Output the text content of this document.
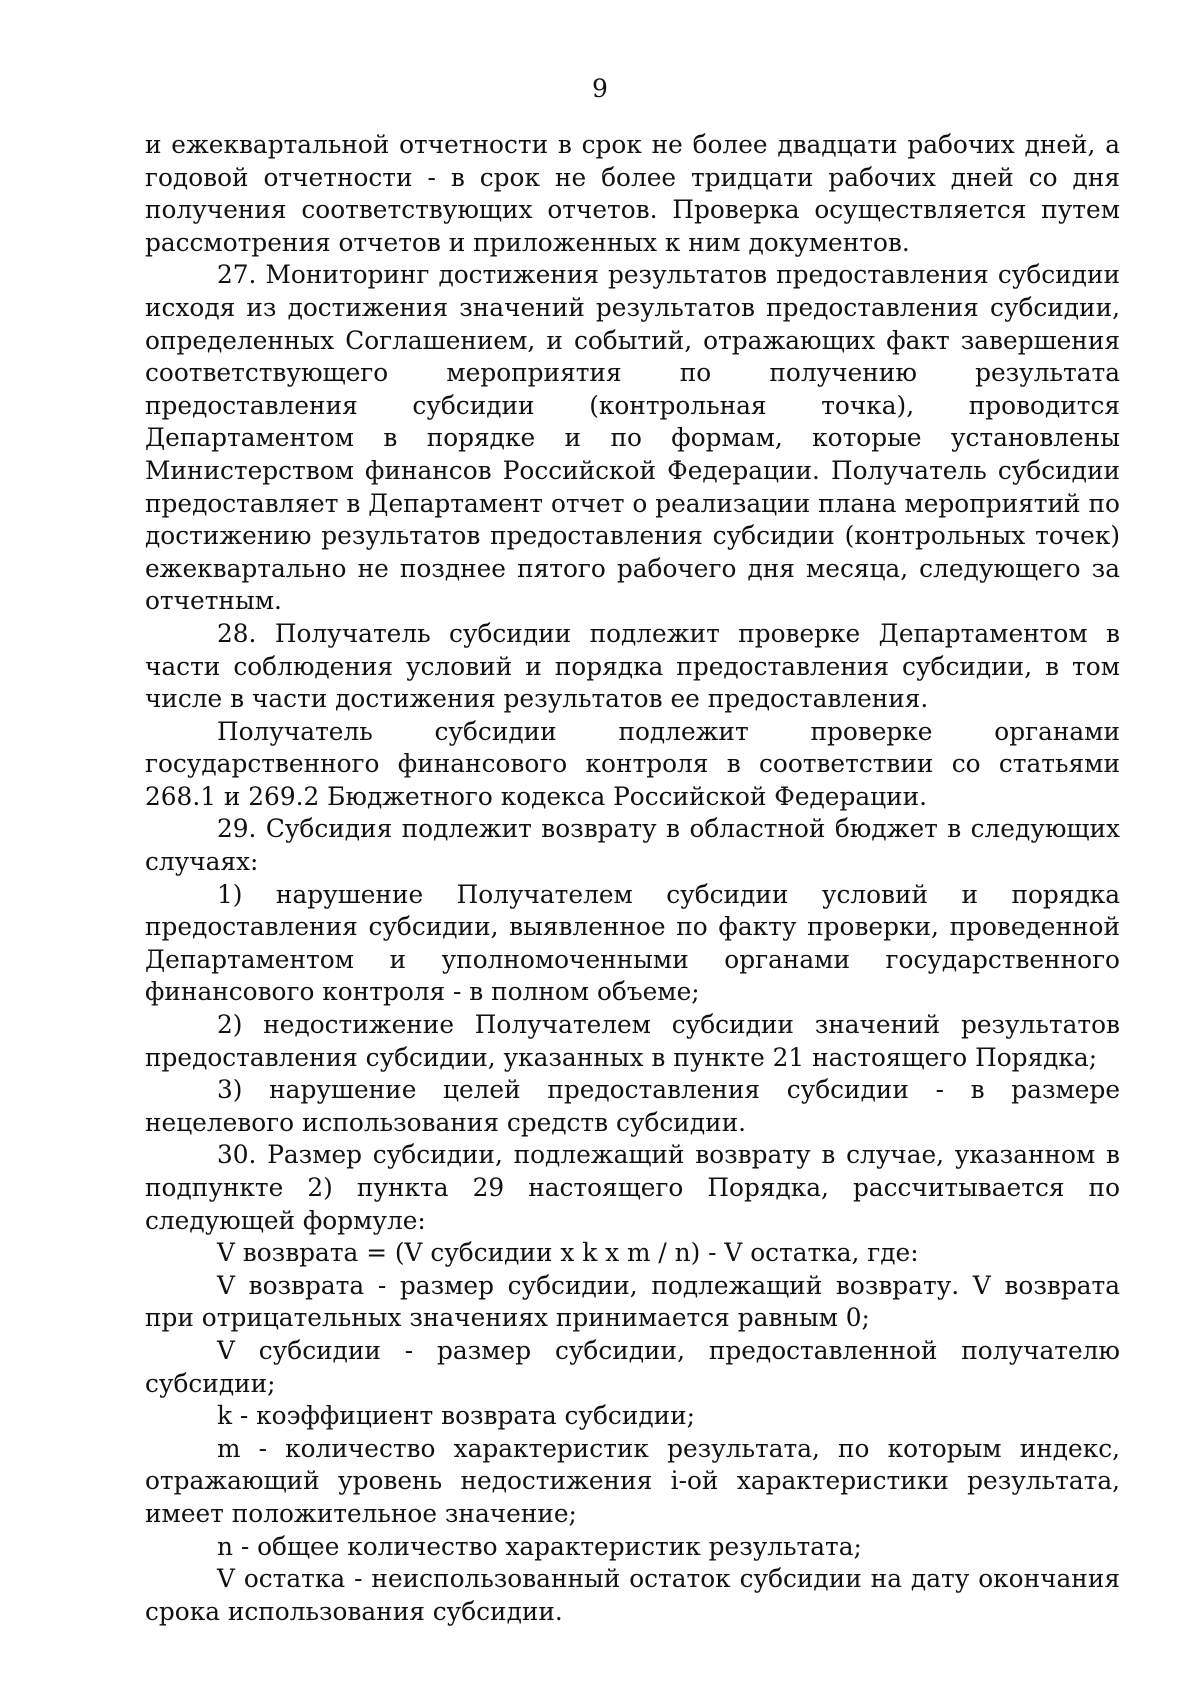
9

и ежеквартальной отчетности в срок не более двадцати рабочих дней, а годовой отчетности - в срок не более тридцати рабочих дней со дня получения соответствующих отчетов. Проверка осуществляется путем рассмотрения отчетов и приложенных к ним документов.

27. Мониторинг достижения результатов предоставления субсидии исходя из достижения значений результатов предоставления субсидии, определенных Соглашением, и событий, отражающих факт завершения соответствующего мероприятия по получению результата предоставления субсидии (контрольная точка), проводится Департаментом в порядке и по формам, которые установлены Министерством финансов Российской Федерации. Получатель субсидии предоставляет в Департамент отчет о реализации плана мероприятий по достижению результатов предоставления субсидии (контрольных точек) ежеквартально не позднее пятого рабочего дня месяца, следующего за отчетным.

28. Получатель субсидии подлежит проверке Департаментом в части соблюдения условий и порядка предоставления субсидии, в том числе в части достижения результатов ее предоставления.

Получатель субсидии подлежит проверке органами государственного финансового контроля в соответствии со статьями 268.1 и 269.2 Бюджетного кодекса Российской Федерации.

29. Субсидия подлежит возврату в областной бюджет в следующих случаях:

1) нарушение Получателем субсидии условий и порядка предоставления субсидии, выявленное по факту проверки, проведенной Департаментом и уполномоченными органами государственного финансового контроля - в полном объеме;

2) недостижение Получателем субсидии значений результатов предоставления субсидии, указанных в пункте 21 настоящего Порядка;

3) нарушение целей предоставления субсидии - в размере нецелевого использования средств субсидии.

30. Размер субсидии, подлежащий возврату в случае, указанном в подпункте 2) пункта 29 настоящего Порядка, рассчитывается по следующей формуле:

V возврата = (V субсидии x k x m / n) - V остатка, где:

V возврата - размер субсидии, подлежащий возврату. V возврата при отрицательных значениях принимается равным 0;

V субсидии - размер субсидии, предоставленной получателю субсидии;

k - коэффициент возврата субсидии;

m - количество характеристик результата, по которым индекс, отражающий уровень недостижения i-ой характеристики результата, имеет положительное значение;

n - общее количество характеристик результата;

V остатка - неиспользованный остаток субсидии на дату окончания срока использования субсидии.
